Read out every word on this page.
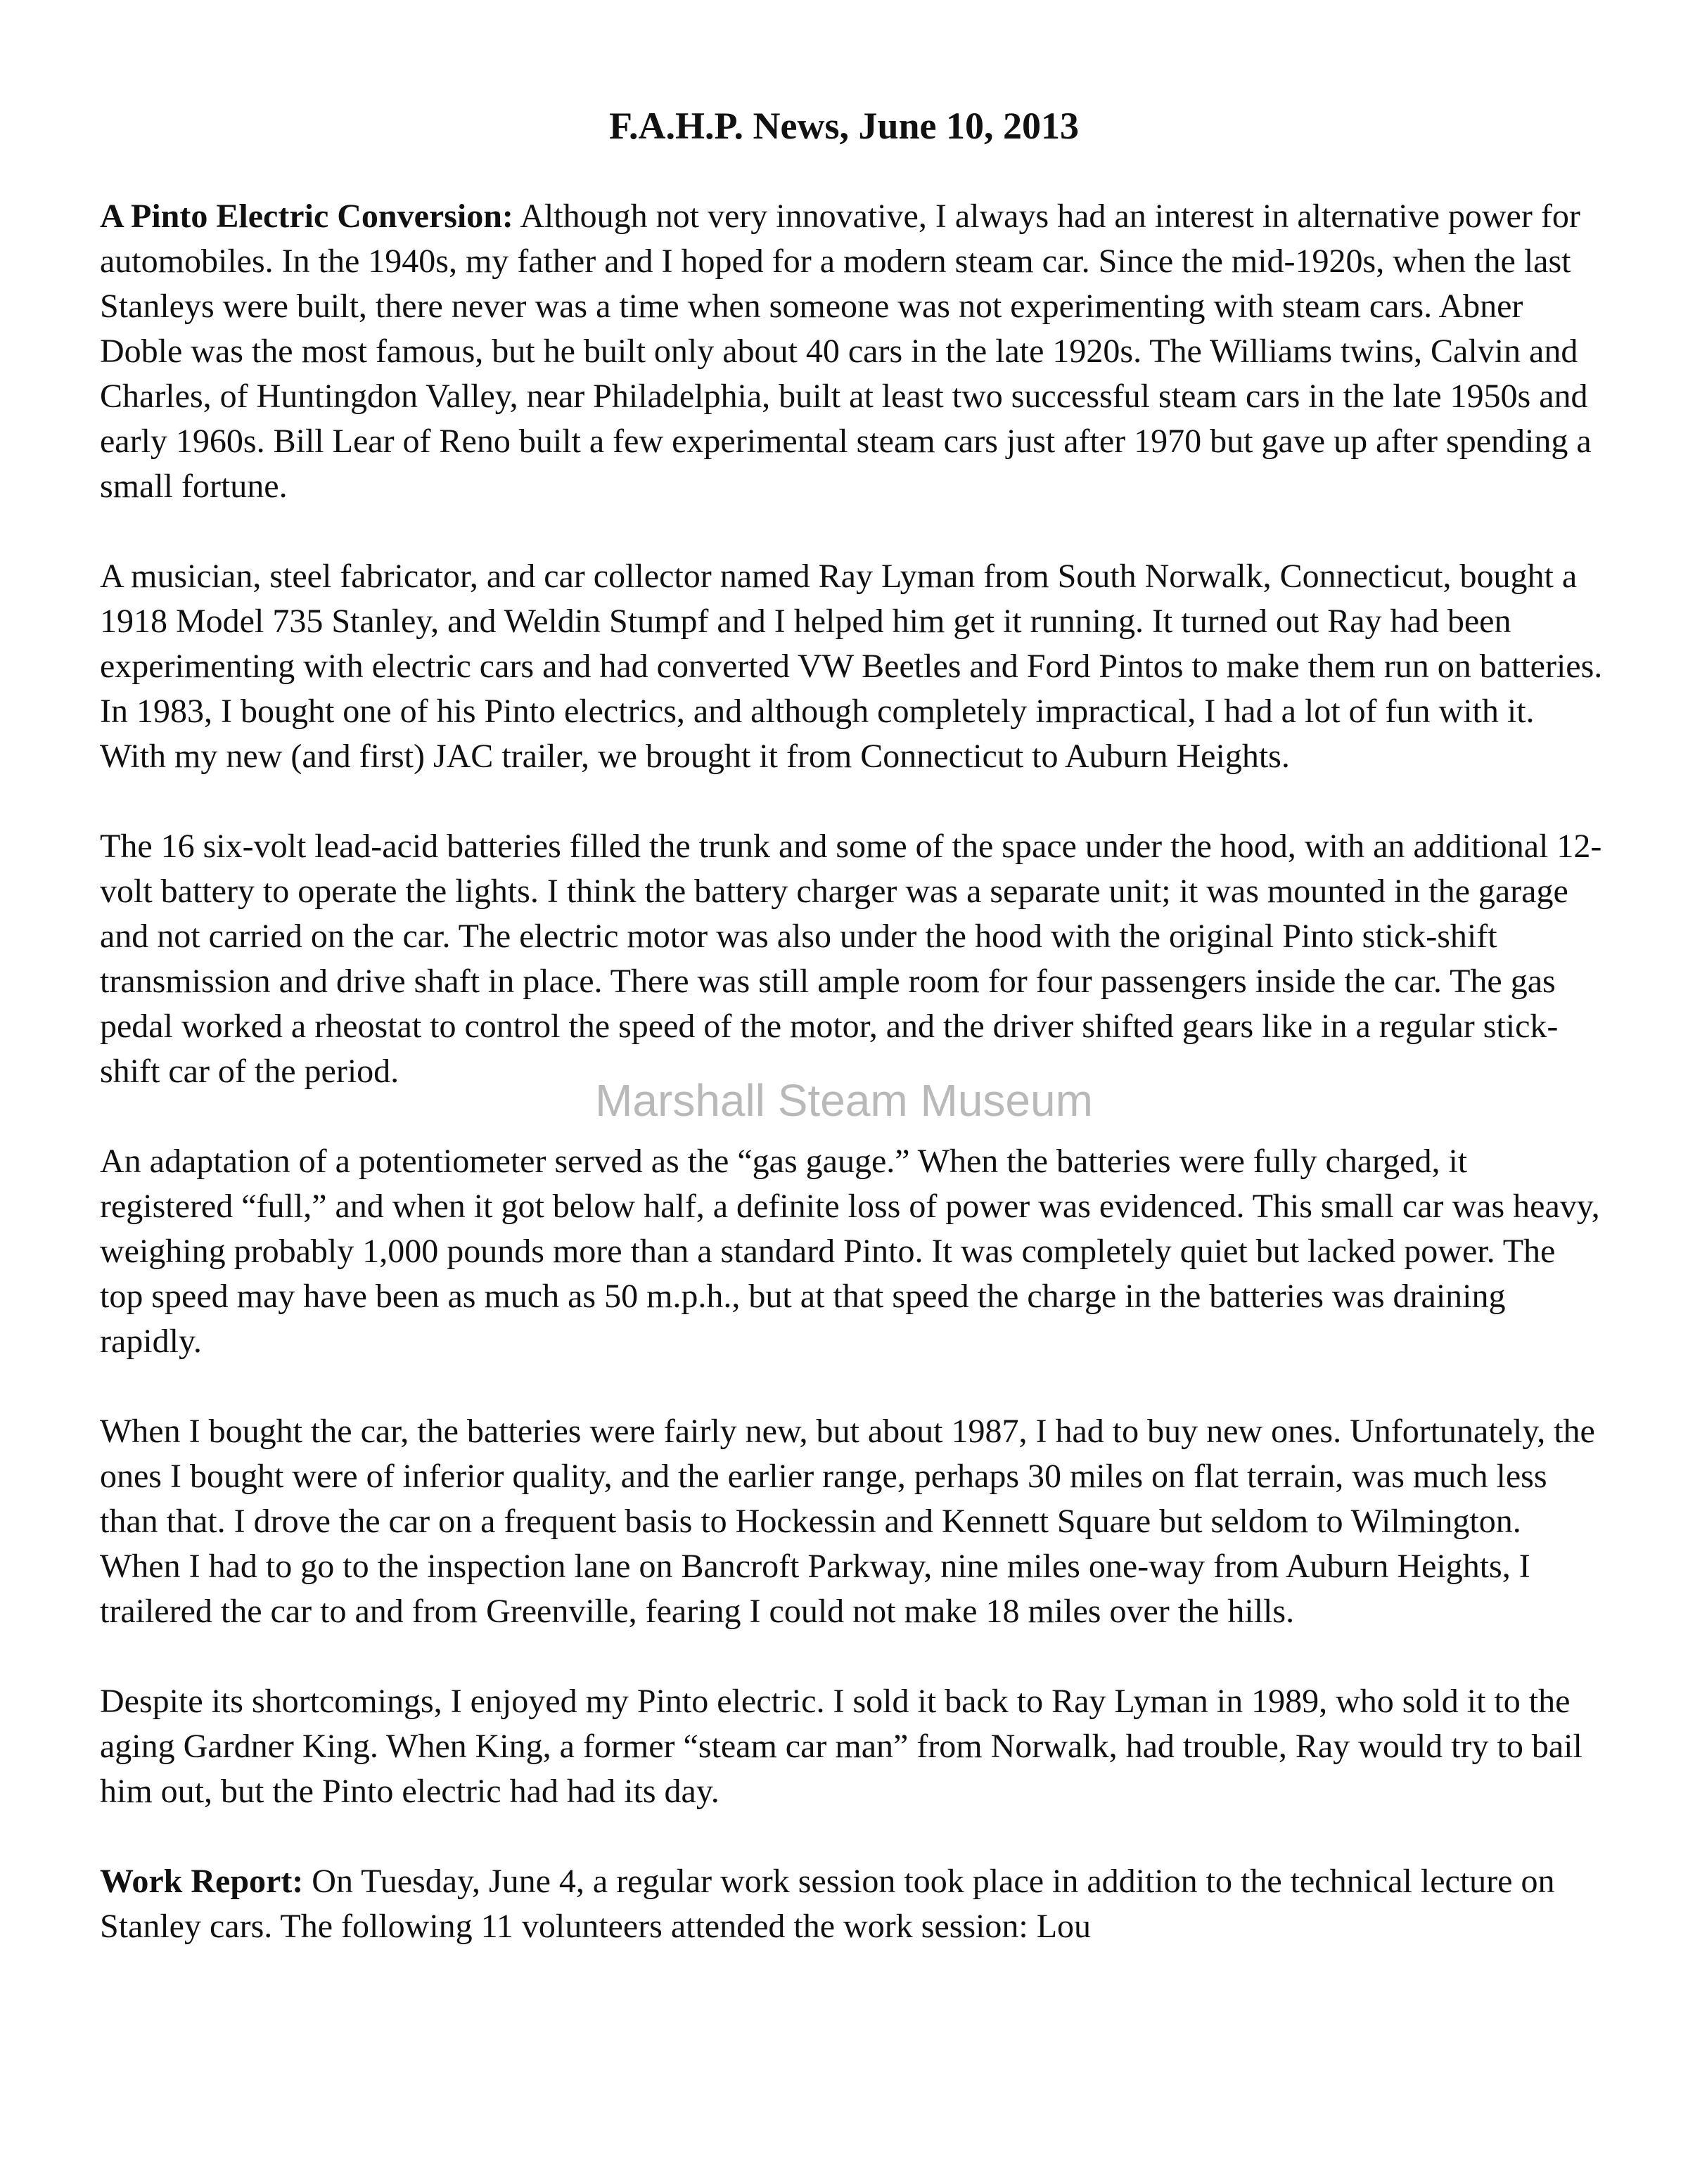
F.A.H.P. News, June 10, 2013

A Pinto Electric Conversion: Although not very innovative, I always had an interest in alternative power for automobiles. In the 1940s, my father and I hoped for a modern steam car. Since the mid-1920s, when the last Stanleys were built, there never was a time when someone was not experimenting with steam cars. Abner Doble was the most famous, but he built only about 40 cars in the late 1920s. The Williams twins, Calvin and Charles, of Huntingdon Valley, near Philadelphia, built at least two successful steam cars in the late 1950s and early 1960s. Bill Lear of Reno built a few experimental steam cars just after 1970 but gave up after spending a small fortune.

A musician, steel fabricator, and car collector named Ray Lyman from South Norwalk, Connecticut, bought a 1918 Model 735 Stanley, and Weldin Stumpf and I helped him get it running. It turned out Ray had been experimenting with electric cars and had converted VW Beetles and Ford Pintos to make them run on batteries. In 1983, I bought one of his Pinto electrics, and although completely impractical, I had a lot of fun with it. With my new (and first) JAC trailer, we brought it from Connecticut to Auburn Heights.

The 16 six-volt lead-acid batteries filled the trunk and some of the space under the hood, with an additional 12-volt battery to operate the lights. I think the battery charger was a separate unit; it was mounted in the garage and not carried on the car. The electric motor was also under the hood with the original Pinto stick-shift transmission and drive shaft in place. There was still ample room for four passengers inside the car. The gas pedal worked a rheostat to control the speed of the motor, and the driver shifted gears like in a regular stick-shift car of the period.

An adaptation of a potentiometer served as the “gas gauge.” When the batteries were fully charged, it registered “full,” and when it got below half, a definite loss of power was evidenced. This small car was heavy, weighing probably 1,000 pounds more than a standard Pinto. It was completely quiet but lacked power. The top speed may have been as much as 50 m.p.h., but at that speed the charge in the batteries was draining rapidly.

When I bought the car, the batteries were fairly new, but about 1987, I had to buy new ones. Unfortunately, the ones I bought were of inferior quality, and the earlier range, perhaps 30 miles on flat terrain, was much less than that. I drove the car on a frequent basis to Hockessin and Kennett Square but seldom to Wilmington. When I had to go to the inspection lane on Bancroft Parkway, nine miles one-way from Auburn Heights, I trailered the car to and from Greenville, fearing I could not make 18 miles over the hills.

Despite its shortcomings, I enjoyed my Pinto electric. I sold it back to Ray Lyman in 1989, who sold it to the aging Gardner King. When King, a former “steam car man” from Norwalk, had trouble, Ray would try to bail him out, but the Pinto electric had had its day.

Work Report: On Tuesday, June 4, a regular work session took place in addition to the technical lecture on Stanley cars. The following 11 volunteers attended the work session: Lou

Marshall Steam Museum
